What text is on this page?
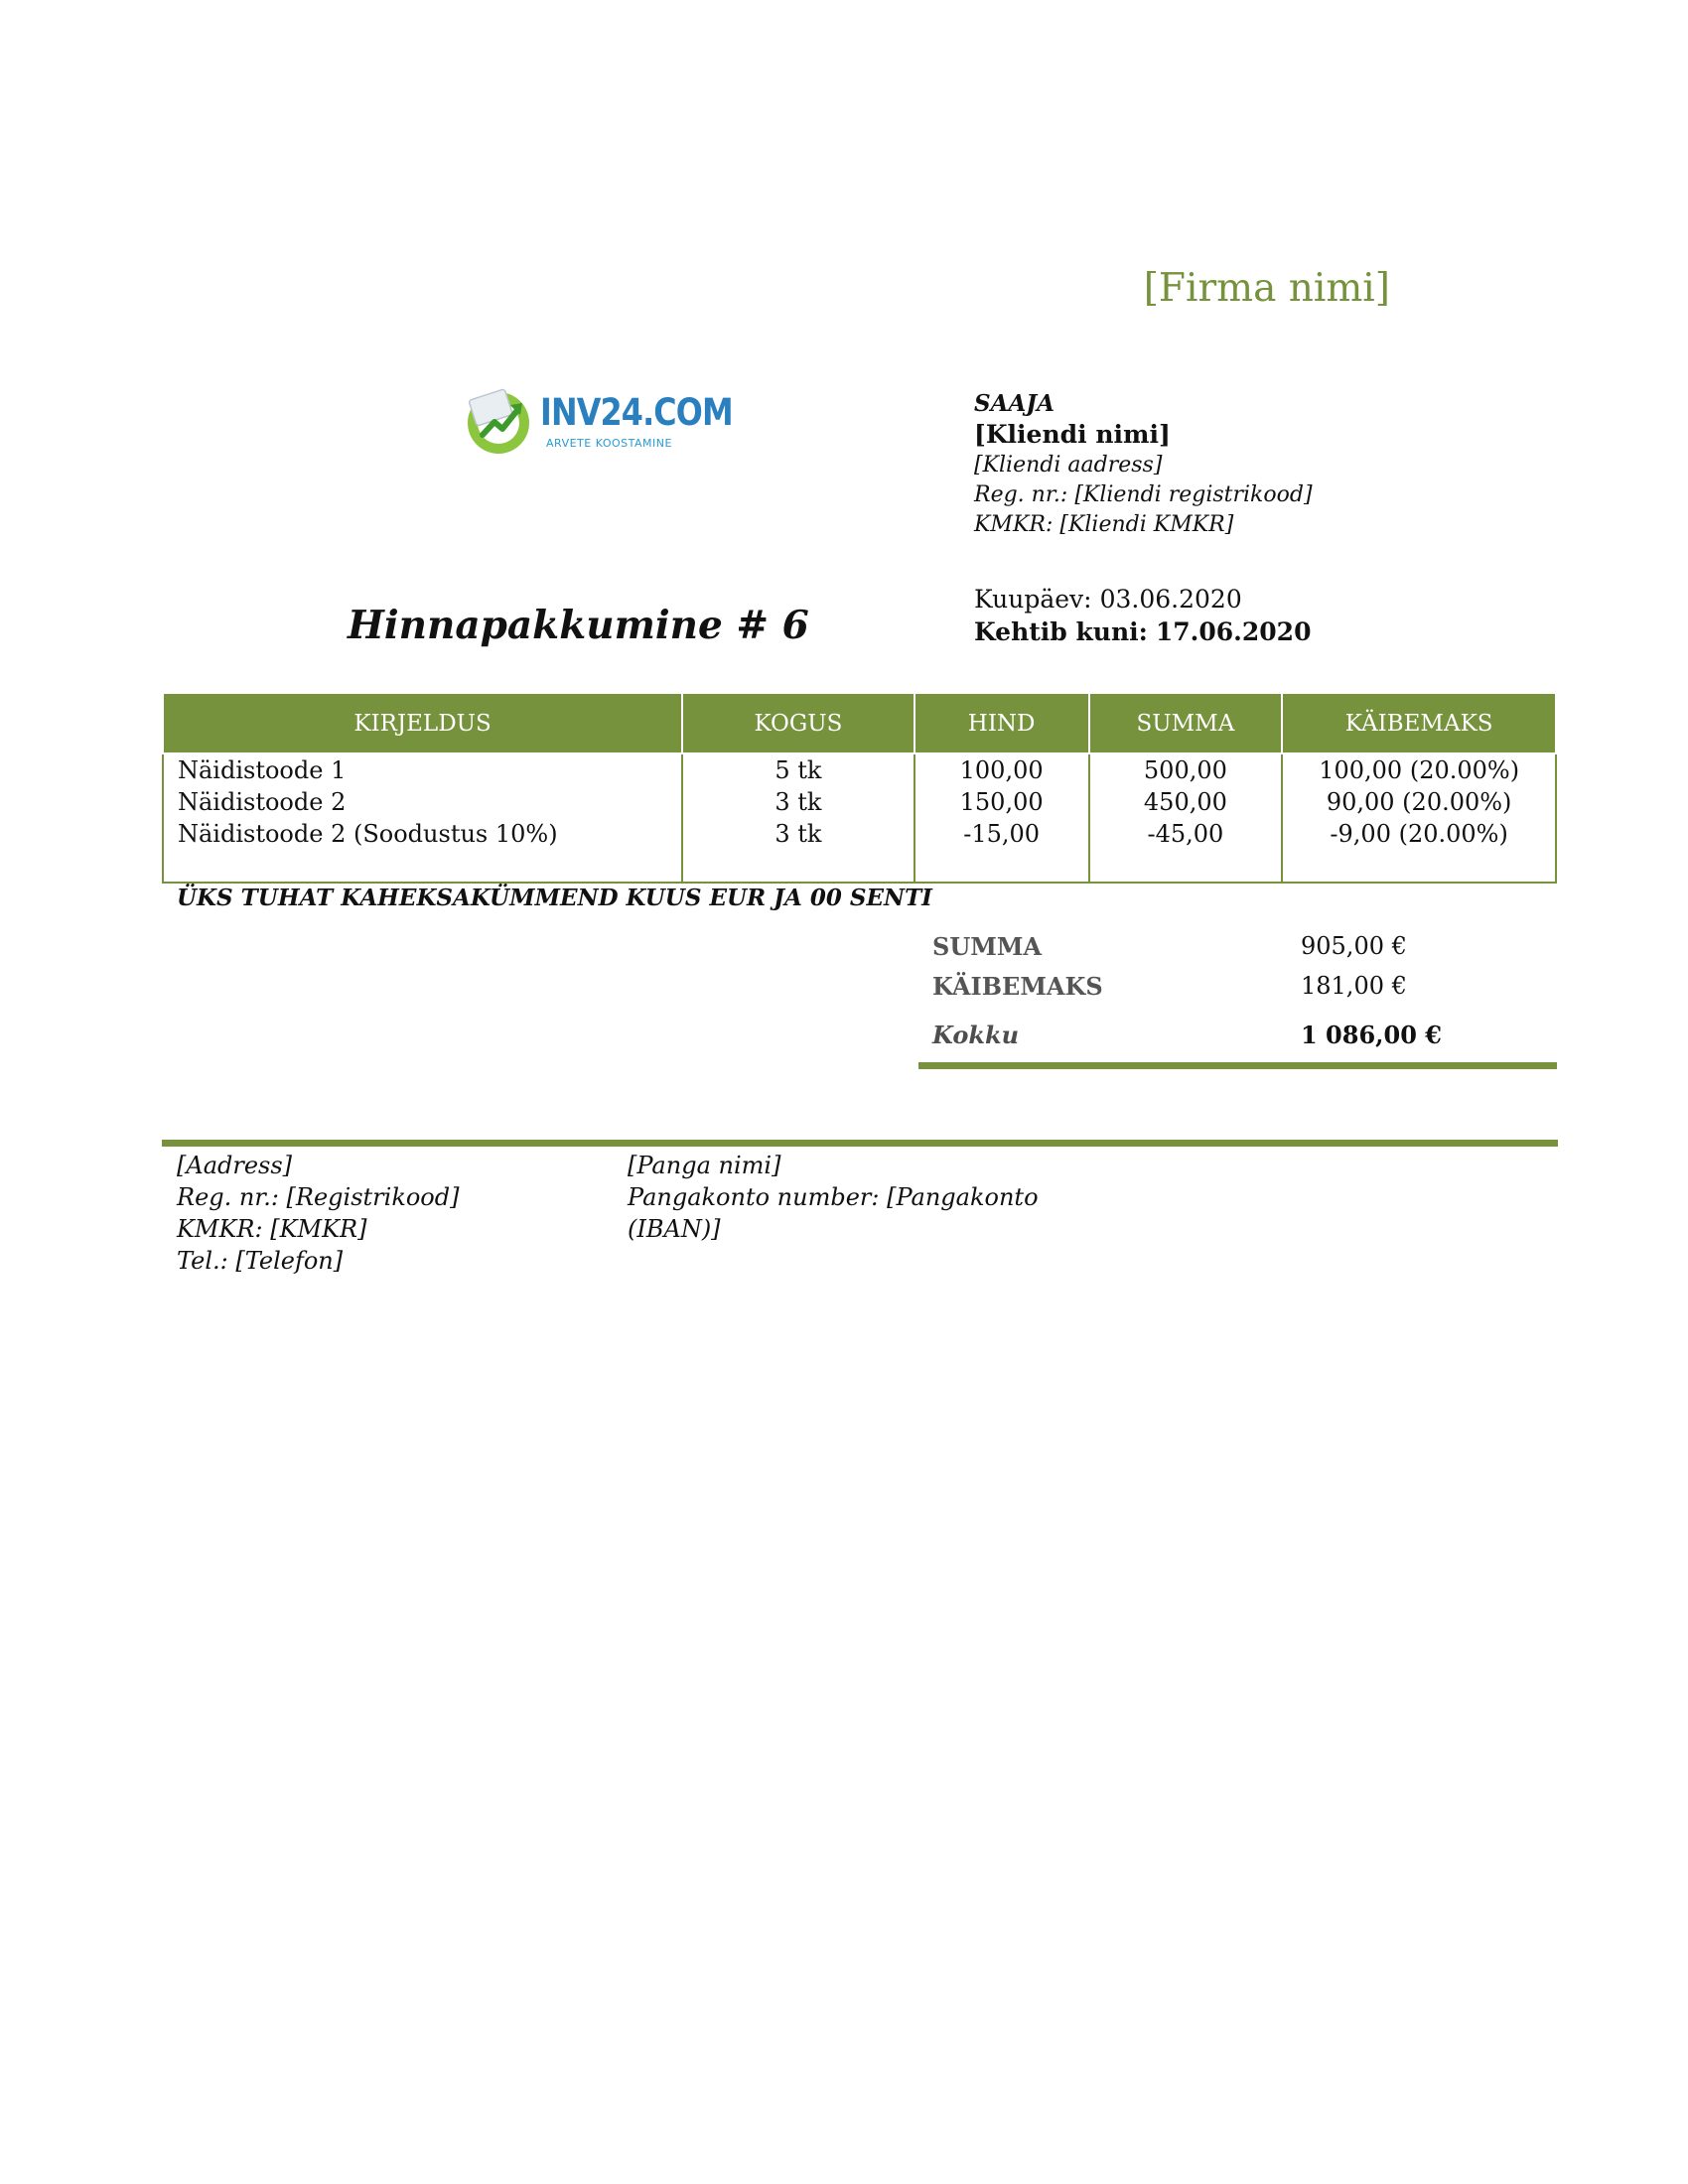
[Firma nimi]
INV24.COM
ARVETE KOOSTAMINE
SAAJA
[Kliendi nimi]
[Kliendi aadress]
Reg. nr.: [Kliendi registrikood]
KMKR: [Kliendi KMKR]
Kuupäev: 03.06.2020
Kehtib kuni: 17.06.2020
Hinnapakkumine # 6
KIRJELDUS	KOGUS	HIND	SUMMA	KÄIBEMAKS
Näidistoode 1	5 tk	100,00	500,00	100,00 (20.00%)
Näidistoode 2	3 tk	150,00	450,00	90,00 (20.00%)
Näidistoode 2 (Soodustus 10%)	3 tk	-15,00	-45,00	-9,00 (20.00%)

ÜKS TUHAT KAHEKSAKÜMMEND KUUS EUR JA 00 SENTI
SUMMA	905,00 €
KÄIBEMAKS	181,00 €
Kokku	1 086,00 €
[Aadress]
Reg. nr.: [Registrikood]
KMKR: [KMKR]
Tel.: [Telefon]
[Panga nimi]
Pangakonto number: [Pangakonto
(IBAN)]
